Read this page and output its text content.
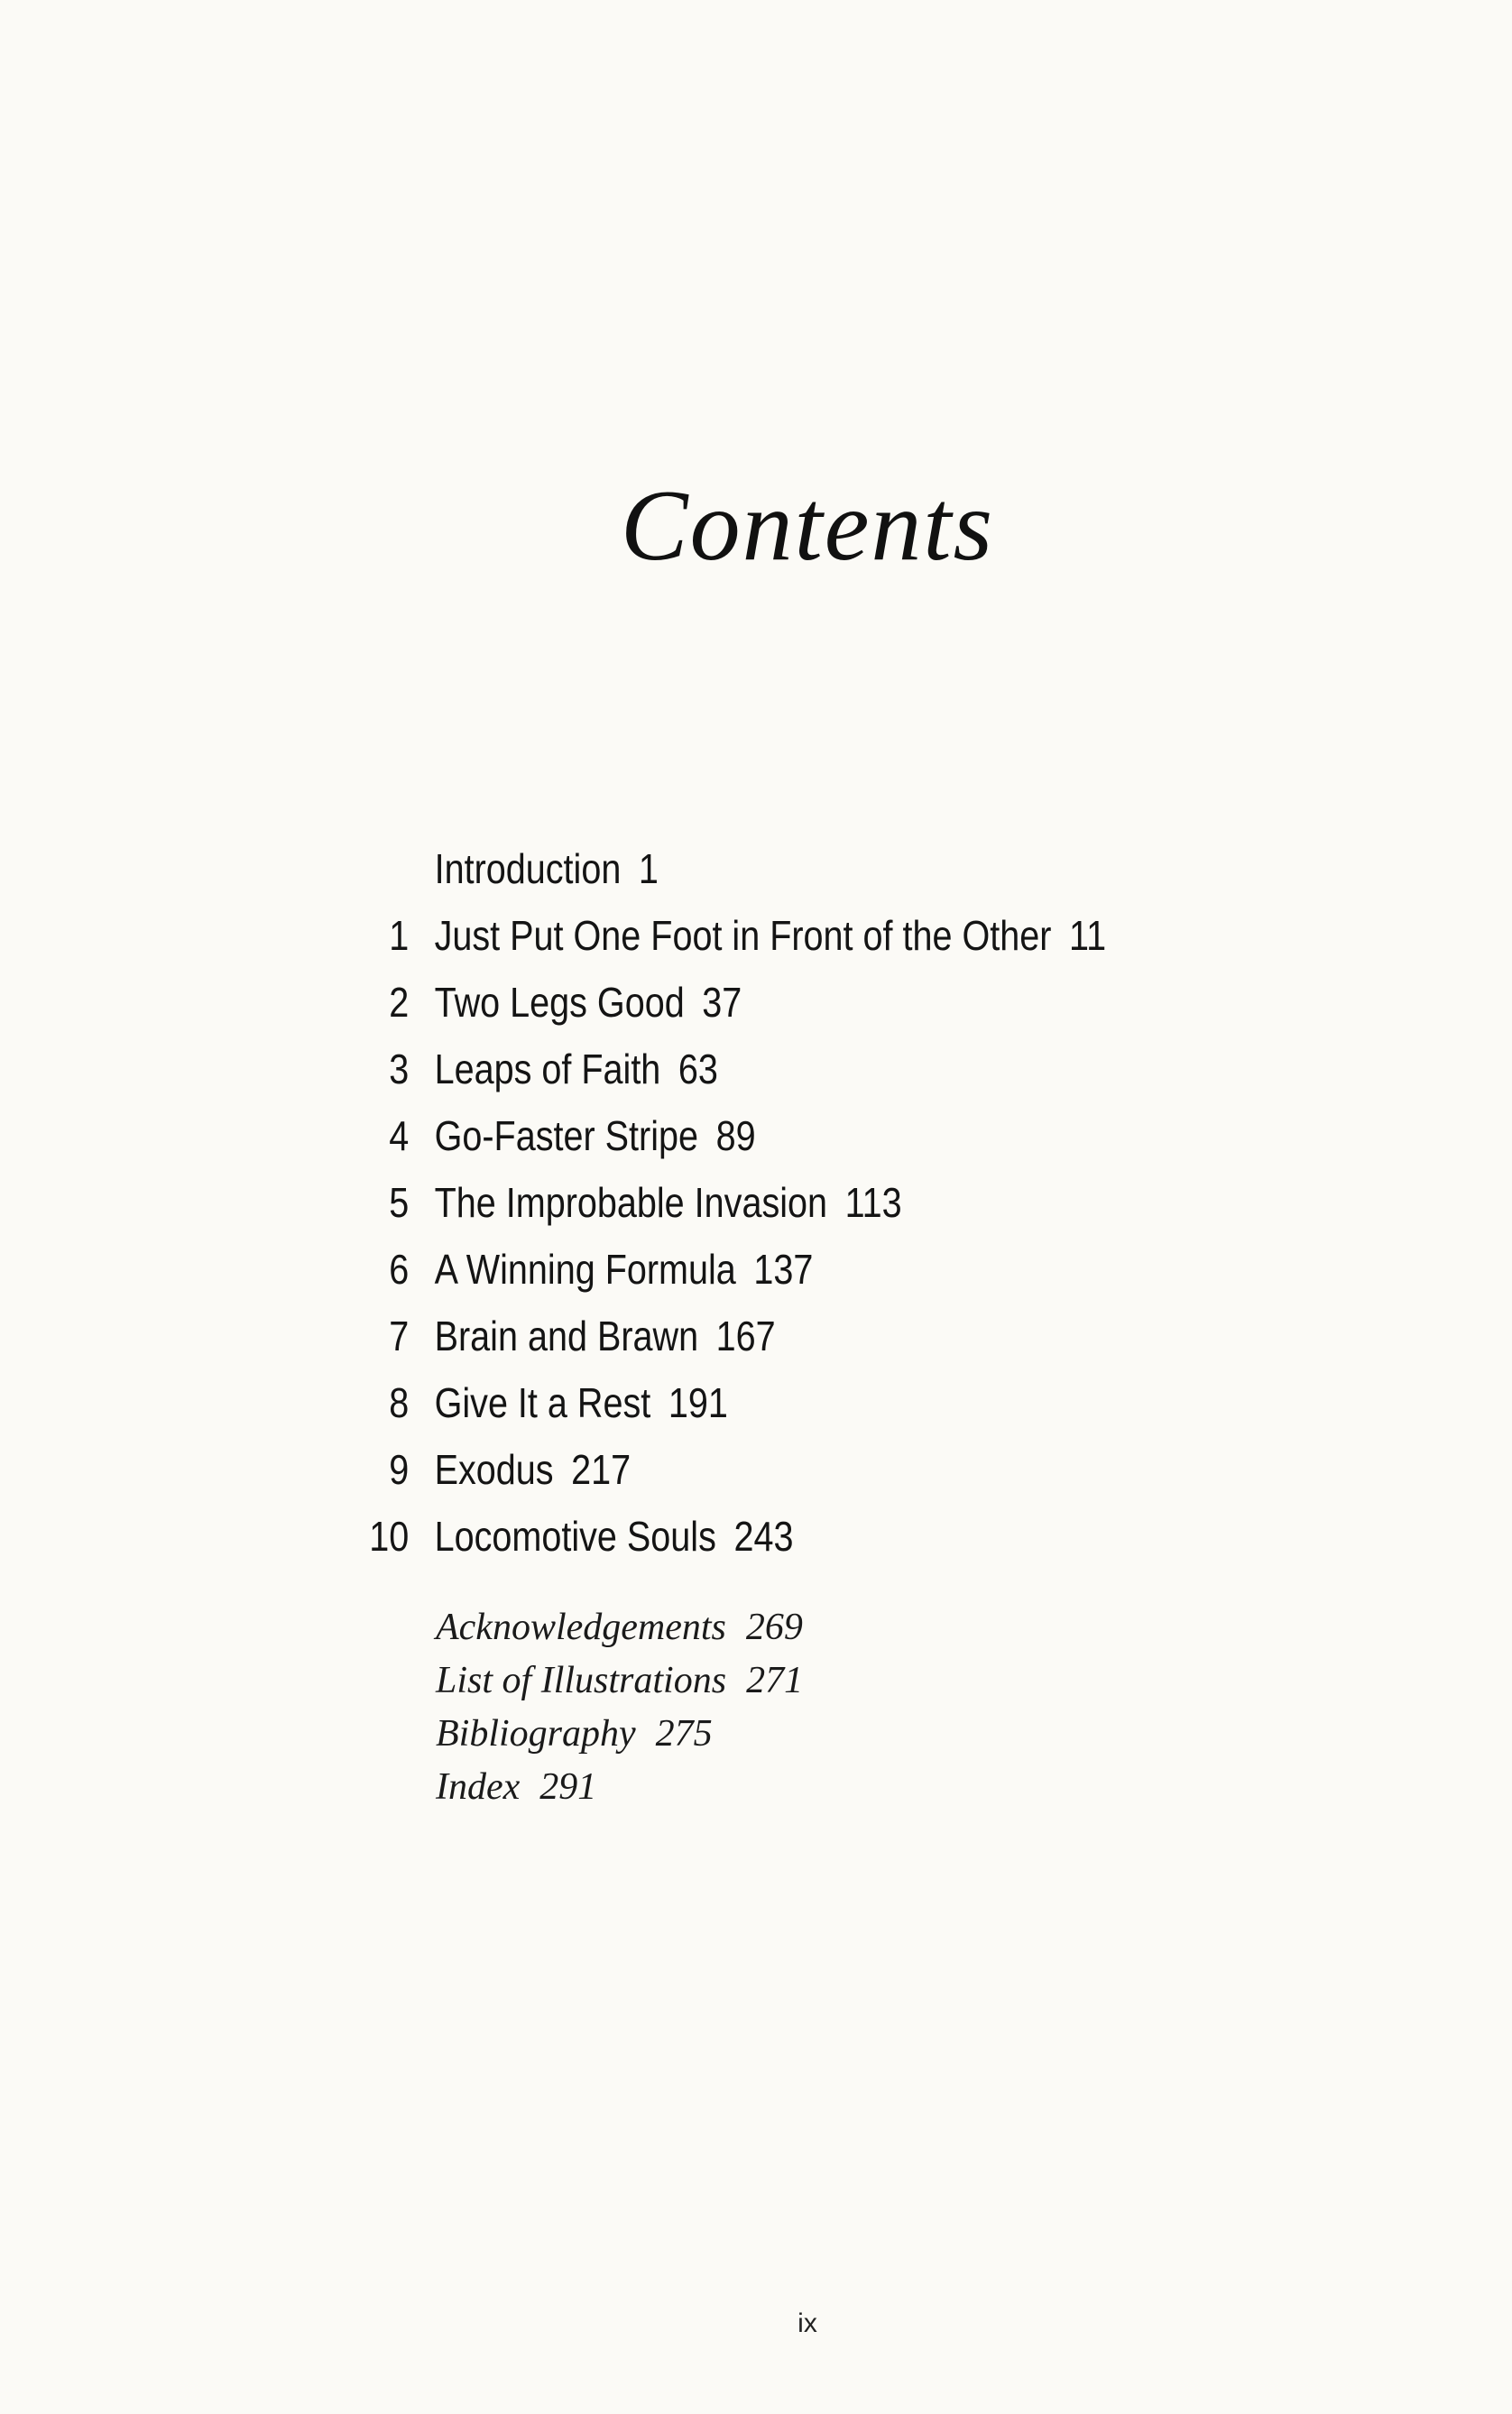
Contents
Introduction 1
1 Just Put One Foot in Front of the Other 11
2 Two Legs Good 37
3 Leaps of Faith 63
4 Go-Faster Stripe 89
5 The Improbable Invasion 113
6 A Winning Formula 137
7 Brain and Brawn 167
8 Give It a Rest 191
9 Exodus 217
10 Locomotive Souls 243
Acknowledgements 269
List of Illustrations 271
Bibliography 275
Index 291
ix
